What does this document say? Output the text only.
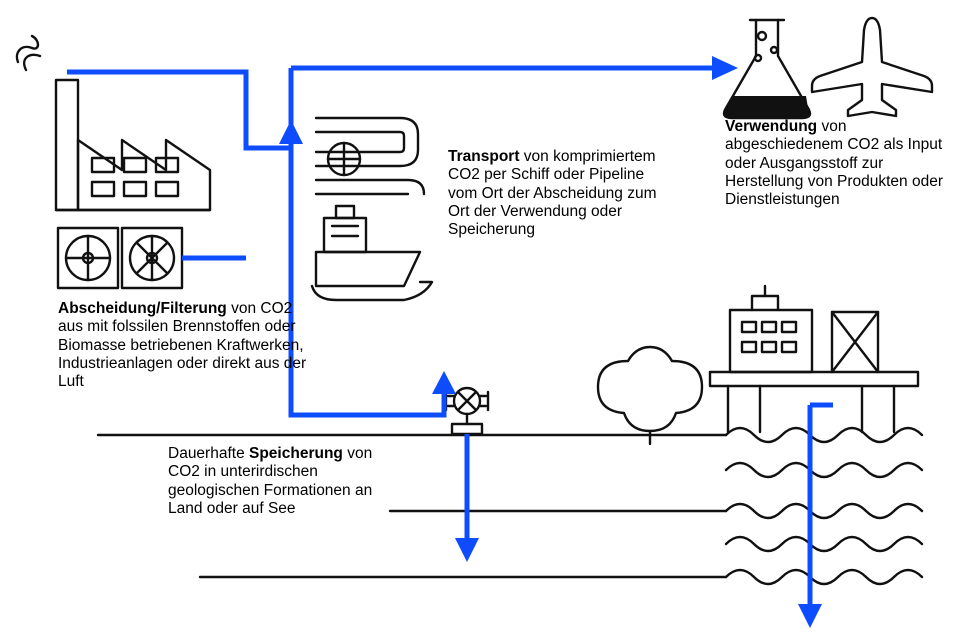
Abscheidung/Filterung von CO2 aus mit folssilen Brennstoffen oder Biomasse betriebenen Kraftwerken, Industrieanlagen oder direkt aus der Luft
Transport von komprimiertem CO2 per Schiff oder Pipeline vom Ort der Abscheidung zum Ort der Verwendung oder Speicherung
Verwendung von abgeschiedenem CO2 als Input oder Ausgangsstoff zur Herstellung von Produkten oder Dienstleistungen
Dauerhafte Speicherung von CO2 in unterirdischen geologischen Formationen an Land oder auf See
